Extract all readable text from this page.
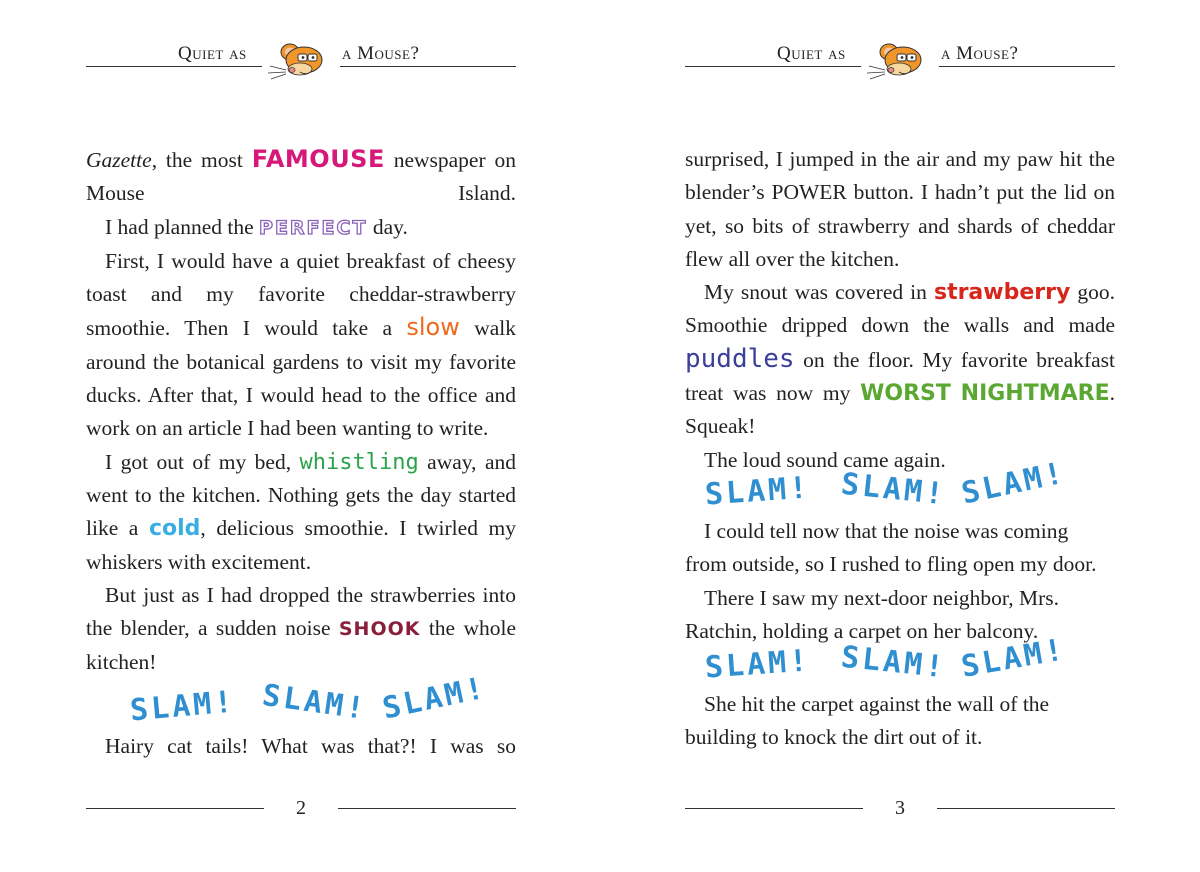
Quiet as	a Mouse?

Gazette, the most FAMOUSE newspaper on Mouse Island.

I had planned the PERFECT day.

First, I would have a quiet breakfast of cheesy toast and my favorite cheddar-strawberry smoothie. Then I would take a slow walk around the botanical gardens to visit my favorite ducks. After that, I would head to the office and work on an article I had been wanting to write.

I got out of my bed, whistling away, and went to the kitchen. Nothing gets the day started like a cold, delicious smoothie. I twirled my whiskers with excitement.

But just as I had dropped the strawberries into the blender, a sudden noise SHOOK the whole kitchen!

SLAM! SLAM! SLAM!

Hairy cat tails! What was that?! I was so

2
Quiet as	a Mouse?

surprised, I jumped in the air and my paw hit the blender’s POWER button. I hadn’t put the lid on yet, so bits of strawberry and shards of cheddar flew all over the kitchen.

My snout was covered in strawberry goo. Smoothie dripped down the walls and made puddles on the floor. My favorite breakfast treat was now my WORST NIGHTMARE. Squeak!

The loud sound came again.

SLAM! SLAM! SLAM!

I could tell now that the noise was coming from outside, so I rushed to fling open my door.

There I saw my next-door neighbor, Mrs. Ratchin, holding a carpet on her balcony.

SLAM! SLAM! SLAM!

She hit the carpet against the wall of the building to knock the dirt out of it.

3
